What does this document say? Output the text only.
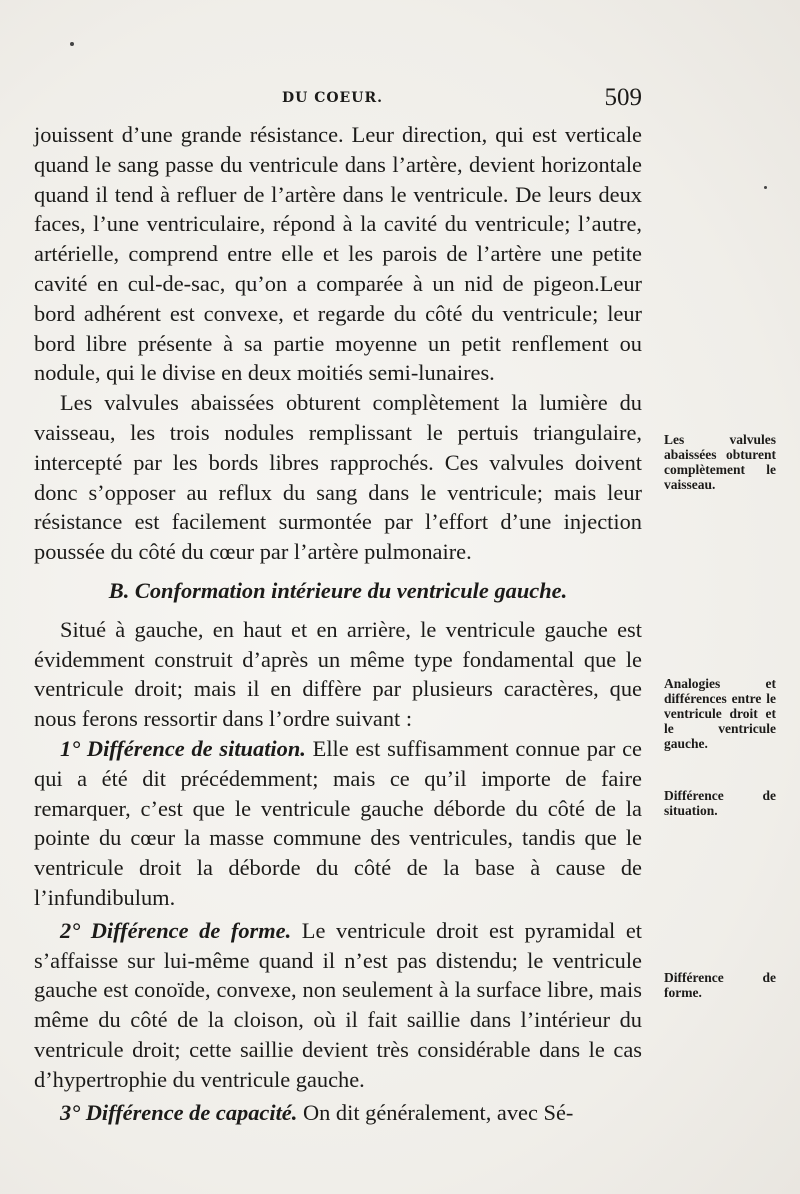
DU COEUR.	509

jouissent d’une grande résistance. Leur direction, qui est verticale quand le sang passe du ventricule dans l’artère, devient horizontale quand il tend à refluer de l’artère dans le ventricule. De leurs deux faces, l’une ventriculaire, répond à la cavité du ventricule; l’autre, artérielle, comprend entre elle et les parois de l’artère une petite cavité en cul-de-sac, qu’on a comparée à un nid de pigeon.Leur bord adhérent est convexe, et regarde du côté du ventricule; leur bord libre présente à sa partie moyenne un petit renflement ou nodule, qui le divise en deux moitiés semi-lunaires.

Les valvules abaissées obturent complètement la lumière du vaisseau, les trois nodules remplissant le pertuis triangulaire, intercepté par les bords libres rapprochés. Ces valvules doivent donc s’opposer au reflux du sang dans le ventricule; mais leur résistance est facilement surmontée par l’effort d’une injection poussée du côté du cœur par l’artère pulmonaire.

B. Conformation intérieure du ventricule gauche.

Situé à gauche, en haut et en arrière, le ventricule gauche est évidemment construit d’après un même type fondamental que le ventricule droit; mais il en diffère par plusieurs caractères, que nous ferons ressortir dans l’ordre suivant :

1° Différence de situation. Elle est suffisamment connue par ce qui a été dit précédemment; mais ce qu’il importe de faire remarquer, c’est que le ventricule gauche déborde du côté de la pointe du cœur la masse commune des ventricules, tandis que le ventricule droit la déborde du côté de la base à cause de l’infundibulum.

2° Différence de forme. Le ventricule droit est pyramidal et s’affaisse sur lui-même quand il n’est pas distendu; le ventricule gauche est conoïde, convexe, non seulement à la surface libre, mais même du côté de la cloison, où il fait saillie dans l’intérieur du ventricule droit; cette saillie devient très considérable dans le cas d’hypertrophie du ventricule gauche.

3° Différence de capacité. On dit généralement, avec Sé-

Les valvules abaissées obturent complètement le vaisseau.
Analogies et différences entre le ventricule droit et le ventricule gauche.
Différence de situation.
Différence de forme.
